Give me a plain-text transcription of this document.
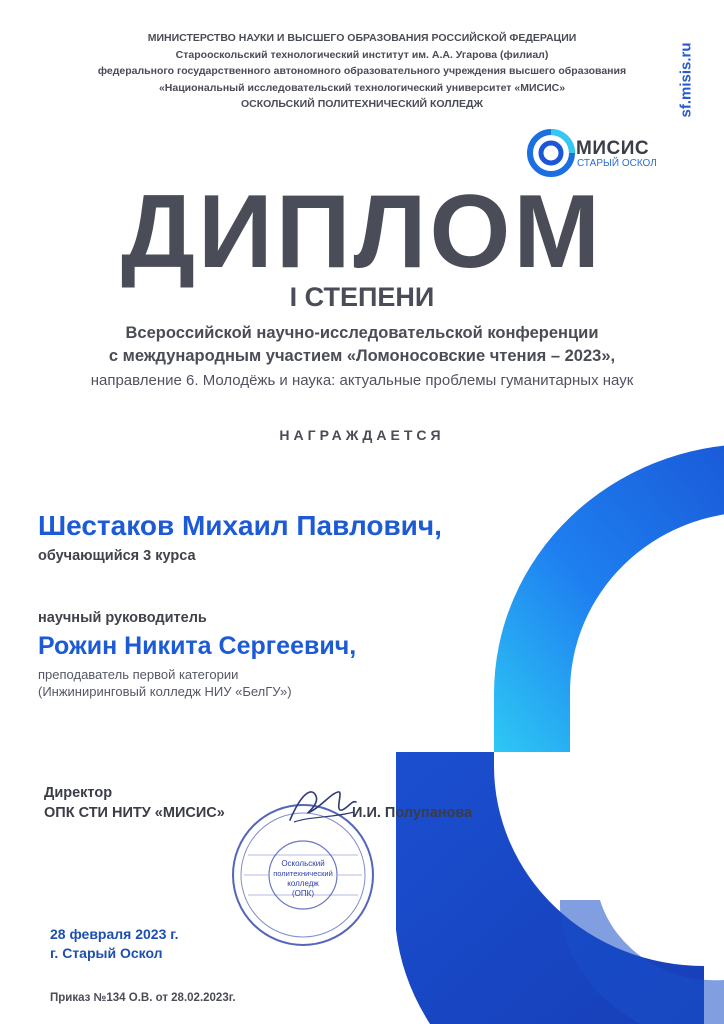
МИНИСТЕРСТВО НАУКИ И ВЫСШЕГО ОБРАЗОВАНИЯ РОССИЙСКОЙ ФЕДЕРАЦИИ
Старооскольский технологический институт им. А.А. Угарова (филиал)
федерального государственного автономного образовательного учреждения высшего образования
«Национальный исследовательский технологический университет «МИСИС»
ОСКОЛЬСКИЙ ПОЛИТЕХНИЧЕСКИЙ КОЛЛЕДЖ	sf.misis.ru
МИСИС
СТАРЫЙ ОСКОЛ
ДИПЛОМ
I СТЕПЕНИ
Всероссийской научно-исследовательской конференции
с международным участием «Ломоносовские чтения – 2023»,
направление 6. Молодёжь и наука: актуальные проблемы гуманитарных наук
НАГРАЖДАЕТСЯ
Шестаков Михаил Павлович,
обучающийся 3 курса
научный руководитель
Рожин Никита Сергеевич,
преподаватель первой категории
(Инжиниринговый колледж НИУ «БелГУ»)
Оскольский
политехнический
колледж
(ОПК)
Директор
ОПК СТИ НИТУ «МИСИС»	И.И. Полупанова
28 февраля 2023 г.
г. Старый Оскол
Приказ №134 О.В. от 28.02.2023г.
